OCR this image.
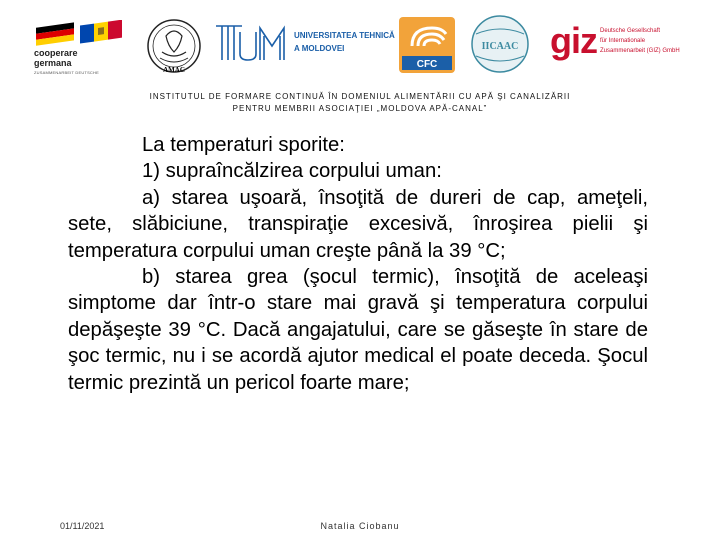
cooperare
germana
ZUSAMMENARBEIT DEUTSCHE	AMAC
UNIVERSITATEA TEHNICĂ
A MOLDOVEI
CFC
IICAAC giz Deutsche Gesellschaft
für Internationale
Zusammenarbeit (GIZ) GmbH
INSTITUTUL DE FORMARE CONTINUĂ ÎN DOMENIUL ALIMENTĂRII CU APĂ ŞI CANALIZĂRII
PENTRU MEMBRII ASOCIAŢIEI „MOLDOVA APĂ-CANAL”

La temperaturi sporite:

1) supraîncălzirea corpului uman:

a) starea uşoară, însoţită de dureri de cap, ameţeli, sete, slăbiciune, transpiraţie excesivă, înroşirea pielii şi temperatura corpului uman creşte până la 39 °C;

b) starea grea (şocul termic), însoţită de aceleaşi simptome dar într-o stare mai gravă şi temperatura corpului depăşeşte 39 °C. Dacă angajatului, care se găseşte în stare de şoc termic, nu i se acordă ajutor medical el poate deceda. Şocul termic prezintă un pericol foarte mare;

01/11/2021	Natalia Ciobanu
